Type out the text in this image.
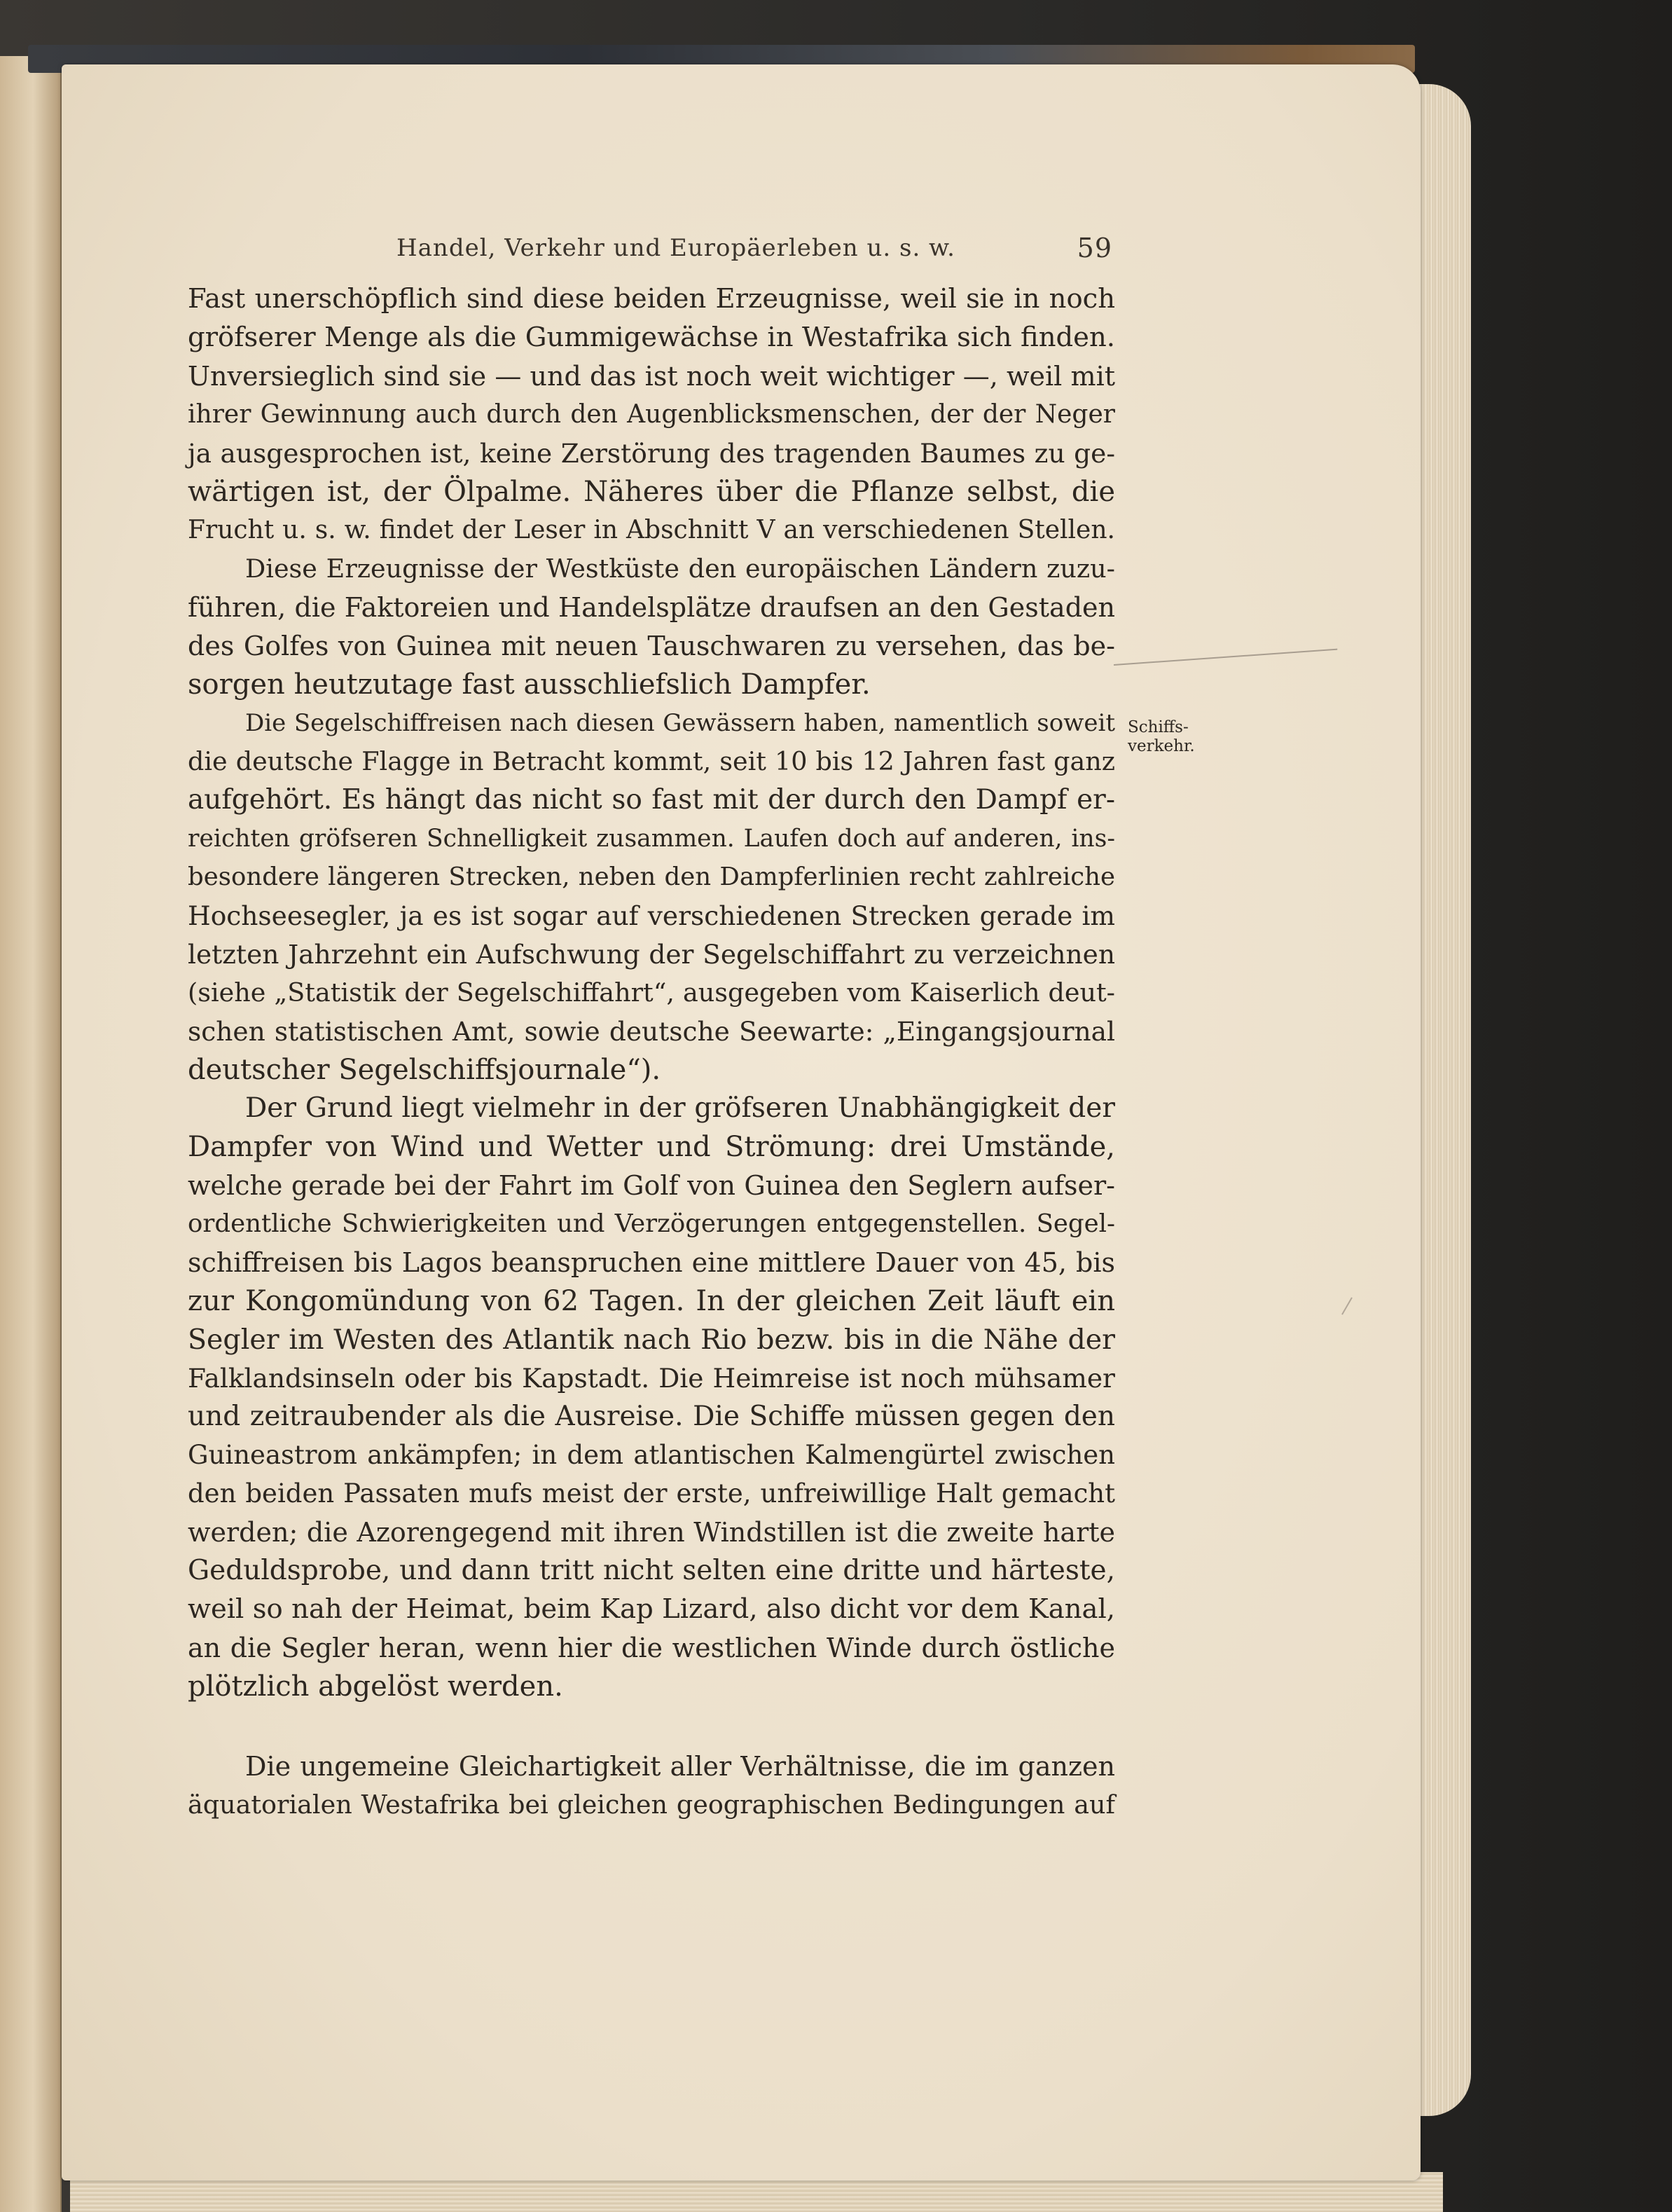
Handel, Verkehr und Europäerleben u. s. w.	59
Schiffs-

verkehr.
Fast unerschöpflich sind diese beiden Erzeugnisse, weil sie in noch
gröfserer Menge als die Gummigewächse in Westafrika sich finden.
Unversieglich sind sie — und das ist noch weit wichtiger —, weil mit
ihrer Gewinnung auch durch den Augenblicksmenschen, der der Neger
ja ausgesprochen ist, keine Zerstörung des tragenden Baumes zu ge-
wärtigen ist, der Ölpalme. Näheres über die Pflanze selbst, die
Frucht u. s. w. findet der Leser in Abschnitt V an verschiedenen Stellen.
Diese Erzeugnisse der Westküste den europäischen Ländern zuzu-
führen, die Faktoreien und Handelsplätze draufsen an den Gestaden
des Golfes von Guinea mit neuen Tauschwaren zu versehen, das be-
sorgen heutzutage fast ausschliefslich Dampfer.
Die Segelschiffreisen nach diesen Gewässern haben, namentlich soweit
die deutsche Flagge in Betracht kommt, seit 10 bis 12 Jahren fast ganz
aufgehört. Es hängt das nicht so fast mit der durch den Dampf er-
reichten gröfseren Schnelligkeit zusammen. Laufen doch auf anderen, ins-
besondere längeren Strecken, neben den Dampferlinien recht zahlreiche
Hochseesegler, ja es ist sogar auf verschiedenen Strecken gerade im
letzten Jahrzehnt ein Aufschwung der Segelschiffahrt zu verzeichnen
(siehe „Statistik der Segelschiffahrt“, ausgegeben vom Kaiserlich deut-
schen statistischen Amt, sowie deutsche Seewarte: „Eingangsjournal
deutscher Segelschiffsjournale“).
Der Grund liegt vielmehr in der gröfseren Unabhängigkeit der
Dampfer von Wind und Wetter und Strömung: drei Umstände,
welche gerade bei der Fahrt im Golf von Guinea den Seglern aufser-
ordentliche Schwierigkeiten und Verzögerungen entgegenstellen. Segel-
schiffreisen bis Lagos beanspruchen eine mittlere Dauer von 45, bis
zur Kongomündung von 62 Tagen. In der gleichen Zeit läuft ein
Segler im Westen des Atlantik nach Rio bezw. bis in die Nähe der
Falklandsinseln oder bis Kapstadt. Die Heimreise ist noch mühsamer
und zeitraubender als die Ausreise. Die Schiffe müssen gegen den
Guineastrom ankämpfen; in dem atlantischen Kalmengürtel zwischen
den beiden Passaten mufs meist der erste, unfreiwillige Halt gemacht
werden; die Azorengegend mit ihren Windstillen ist die zweite harte
Geduldsprobe, und dann tritt nicht selten eine dritte und härteste,
weil so nah der Heimat, beim Kap Lizard, also dicht vor dem Kanal,
an die Segler heran, wenn hier die westlichen Winde durch östliche
plötzlich abgelöst werden.
Die ungemeine Gleichartigkeit aller Verhältnisse, die im ganzen
äquatorialen Westafrika bei gleichen geographischen Bedingungen auf
